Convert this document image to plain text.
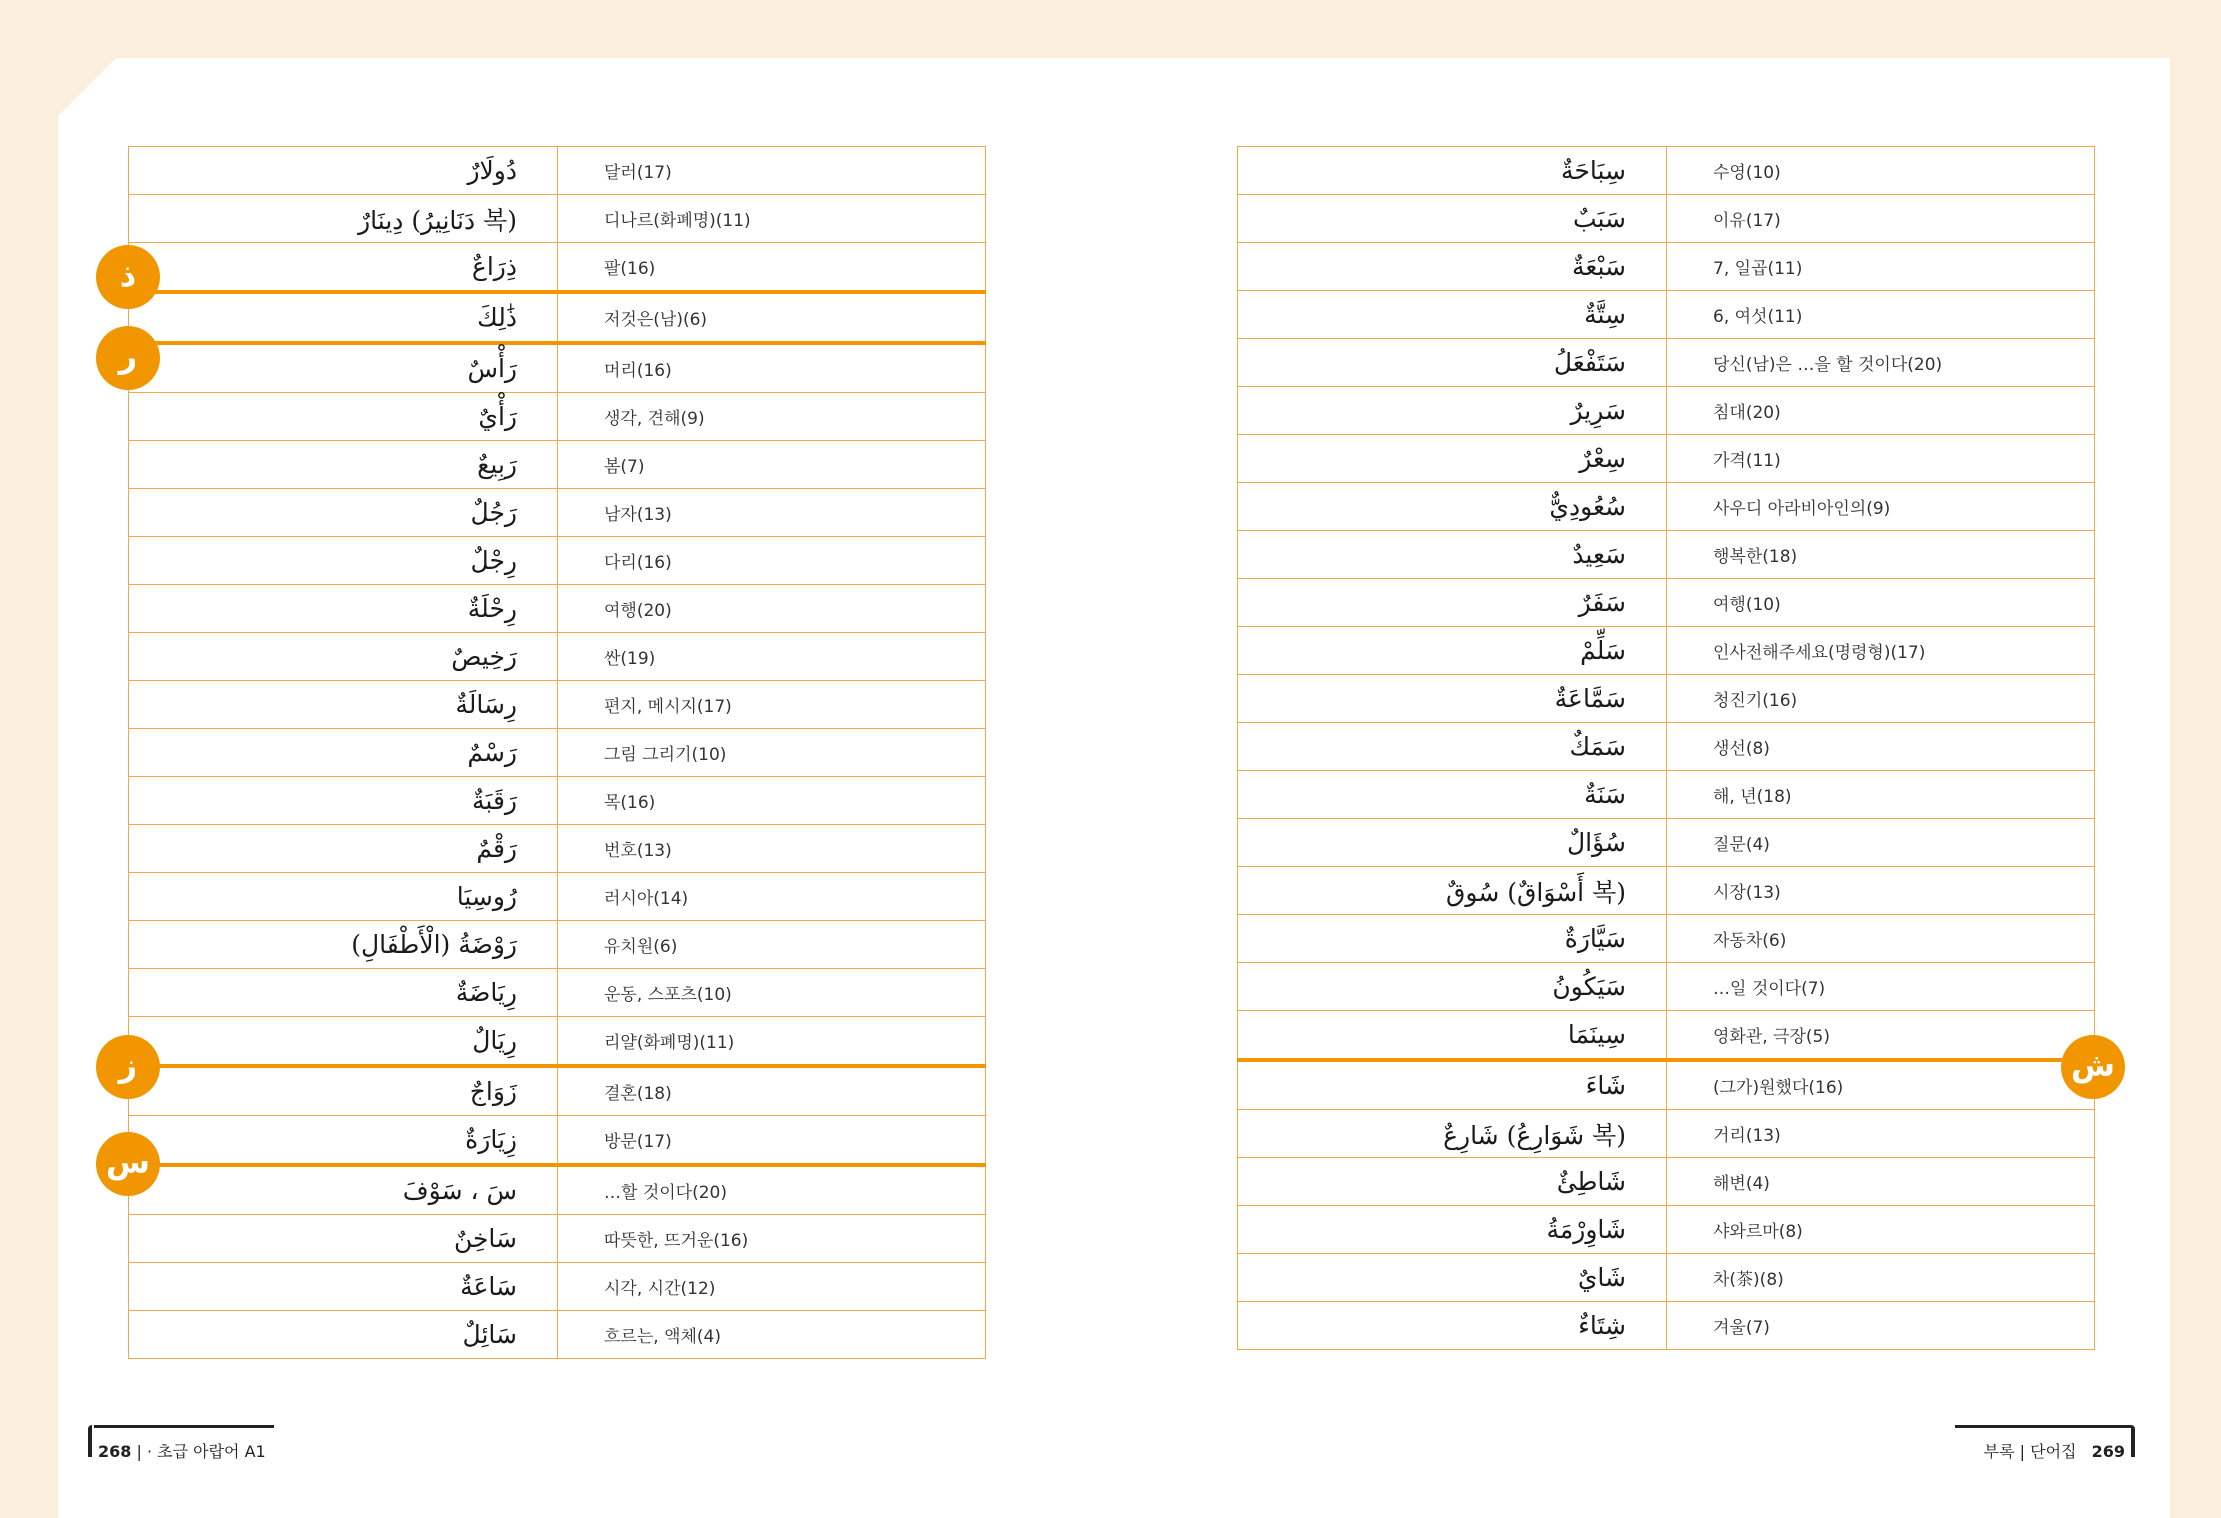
دُولَارٌ	달러(17)
(복 دَنَانِيرُ) دِينَارٌ	디나르(화폐명)(11)
ذِرَاعٌ	팔(16)
ذَٰلِكَ	저것은(남)(6)
رَأْسٌ	머리(16)
رَأْيٌ	생각, 견해(9)
رَبِيعٌ	봄(7)
رَجُلٌ	남자(13)
رِجْلٌ	다리(16)
رِحْلَةٌ	여행(20)
رَخِيصٌ	싼(19)
رِسَالَةٌ	편지, 메시지(17)
رَسْمٌ	그림 그리기(10)
رَقَبَةٌ	목(16)
رَقْمٌ	번호(13)
رُوسِيَا	러시아(14)
رَوْضَةُ (الْأَطْفَالِ)	유치원(6)
رِيَاضَةٌ	운동, 스포츠(10)
رِيَالٌ	리얄(화폐명)(11)
زَوَاجٌ	결혼(18)
زِيَارَةٌ	방문(17)
سَ ، سَوْفَ	…할 것이다(20)
سَاخِنٌ	따뜻한, 뜨거운(16)
سَاعَةٌ	시각, 시간(12)
سَائِلٌ	흐르는, 액체(4)
سِبَاحَةٌ	수영(10)
سَبَبٌ	이유(17)
سَبْعَةٌ	7, 일곱(11)
سِتَّةٌ	6, 여섯(11)
سَتَفْعَلُ	당신(남)은 …을 할 것이다(20)
سَرِيرٌ	침대(20)
سِعْرٌ	가격(11)
سُعُودِيٌّ	사우디 아라비아인의(9)
سَعِيدٌ	행복한(18)
سَفَرٌ	여행(10)
سَلِّمْ	인사전해주세요(명령형)(17)
سَمَّاعَةٌ	청진기(16)
سَمَكٌ	생선(8)
سَنَةٌ	해, 년(18)
سُؤَالٌ	질문(4)
(복 أَسْوَاقٌ) سُوقٌ	시장(13)
سَيَّارَةٌ	자동차(6)
سَيَكُونُ	…일 것이다(7)
سِينَمَا	영화관, 극장(5)
شَاءَ	(그가)원했다(16)
(복 شَوَارِعُ) شَارِعٌ	거리(13)
شَاطِئٌ	해변(4)
شَاوِرْمَةُ	샤와르마(8)
شَايٌ	차(茶)(8)
شِتَاءٌ	겨울(7)
ذ
ر
ز
س
ش
268 | · 초급 아랍어 A1	부록 | 단어집 269
